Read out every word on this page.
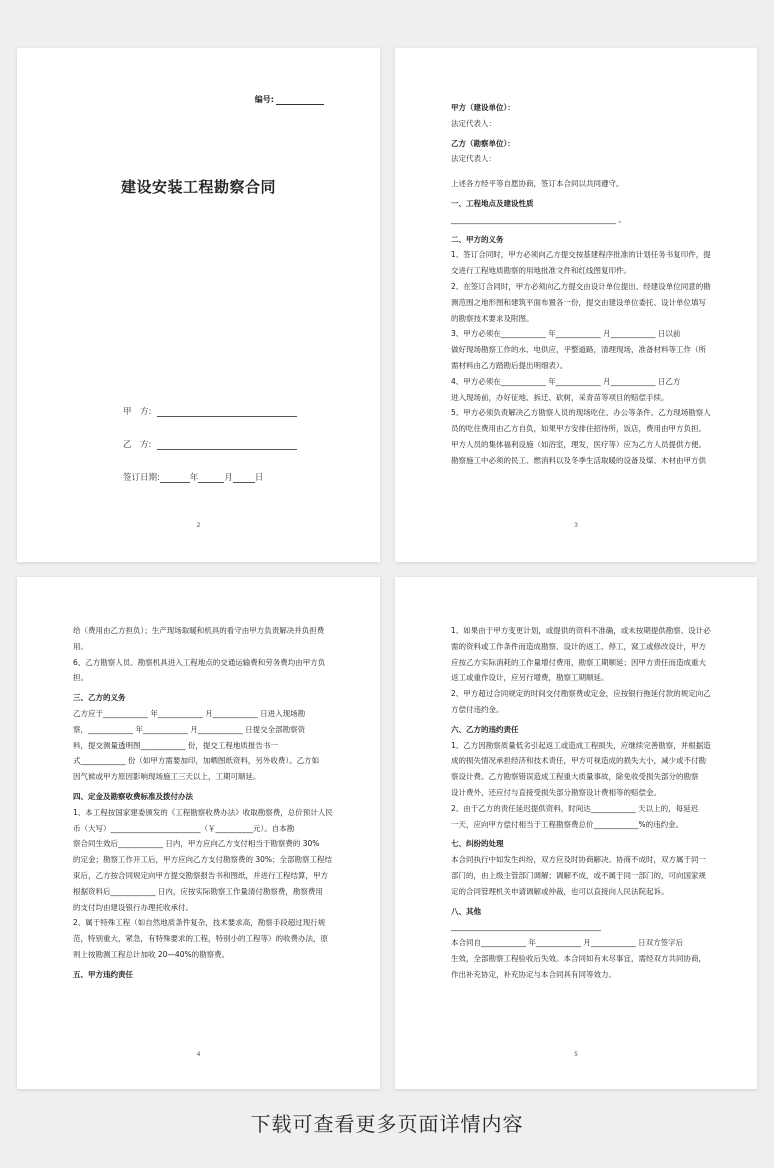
编号:
建设安装工程勘察合同
甲　方:
乙　方:
签订日期:	年	月	日
2

甲方（建设单位）：

法定代表人：

乙方（勘察单位）：

法定代表人：

上述各方经平等自愿协商，签订本合同以共同遵守。

一、工程地点及建设性质

____________________________________________ 。

二、甲方的义务

1、签订合同时，甲方必须向乙方提交按基建程序批准的计划任务书复印件，提

交进行工程地质勘察的用地批准文件和红线图复印件。

2、在签订合同时，甲方必须向乙方提交由设计单位提出、经建设单位同意的勘

测范围之地形图和建筑平面布置各一份，提交由建设单位委托、设计单位填写

的勘察技术要求及附图。

3、甲方必须在____________ 年____________ 月____________ 日以前

做好现场勘察工作的水、电供应，平整道路，清理现场，准备材料等工作（所

需材料由乙方踏勘后提出明细表）。

4、甲方必须在____________ 年____________ 月____________ 日乙方

进入现场前，办好征地、拆迁、砍树，采青苗等项目的赔偿手续。

5、甲方必须负责解决乙方勘察人员的现场吃住、办公等条件。乙方现场勘察人

员的吃住费用由乙方自负，如果甲方安排住招待所，饭店，费用由甲方负担。

甲方人员的集体福利设施（如浴室，理发，医疗等）应为乙方人员提供方便。

勘察施工中必须的民工、燃消料以及冬季生活取暖的设备及煤、木材由甲方供

3

给（费用由乙方担负）；生产现场取暖和机具的看守由甲方负责解决并负担费

用。

6、乙方勘察人员、勘察机具进入工程地点的交通运输费和劳务费均由甲方负

担。

三、乙方的义务

乙方应于____________ 年____________ 月____________ 日进入现场勘

察，____________ 年____________ 月____________ 日提交全部勘察资

料，提交测量透明图____________ 份，提交工程地质报告书一

式____________ 份（如甲方需要加印，加晒图纸资料，另外收费）。乙方如

因气候或甲方原因影响现场施工三天以上，工期可顺延。

四、定金及勘察收费标准及拨付办法

1、本工程按国家建委颁发的《工程勘察收费办法》收取勘察费，总价预计人民

币（大写）________________________（￥__________元）。自本勘

察合同生效后____________ 日内，甲方应向乙方支付相当于勘察费的 30%

的定金；勘察工作开工后，甲方应向乙方支付勘察费的 30%；全部勘察工程结

束后，乙方按合同规定向甲方提交勘察报告书和图纸，并进行工程结算，甲方

根据资料后____________ 日内，应按实际勘察工作量清付勘察费，勘察费用

的支付均由建设银行办理托收承付。

2、属于特殊工程（如自然地质条件复杂，技术要求高，勘察手段超过现行规

范，特别重大，紧急，有特殊要求的工程，特别小的工程等）的收费办法，原

则上按勘测工程总计加收 20—40%的勘察费。

五、甲方违约责任

4

1、如果由于甲方变更计划，或提供的资料不准确，或未按期提供勘察、设计必

需的资料或工作条件而造成勘察、设计的返工、停工，窝工或修改设计，甲方

应按乙方实际消耗的工作量增付费用，勘察工期顺延；因甲方责任而造成重大

返工或重作设计，应另行增费，勘察工期顺延。

2、甲方超过合同规定的时间交付勘察费或定金，应按银行拖延付款的规定向乙

方偿付违约金。

六、乙方的违约责任

1、乙方因勘察质量低劣引起返工或造成工程损失，应继续完善勘察，并根据造

成的损失情况承担经济和技术责任，甲方可视造成的损失大小，减少或不付勘

察设计费。乙方勘察错误造成工程重大质量事故，除免收受损失部分的勘察

设计费外，还应付与直接受损失部分勘察设计费相等的赔偿金。

2、由于乙方的责任延迟提供资料，时间达____________ 天以上的，每延迟

一天，应向甲方偿付相当于工程勘察费总价____________%的违约金。

七、纠纷的处理

本合同执行中如发生纠纷，双方应及时协商解决。协商不成时，双方属于同一

部门的，由上级主管部门调解；调解不成，或不属于同一部门的，可向国家规

定的合同管理机关申请调解或仲裁，也可以直接向人民法院起诉。

八、其他

________________________________________

本合同自____________ 年____________ 月____________ 日双方签字后

生效，全部勘察工程验收后失效。本合同如有未尽事宜，需经双方共同协商，

作出补充协定，补充协定与本合同具有同等效力。

5
下载可查看更多页面详情内容
